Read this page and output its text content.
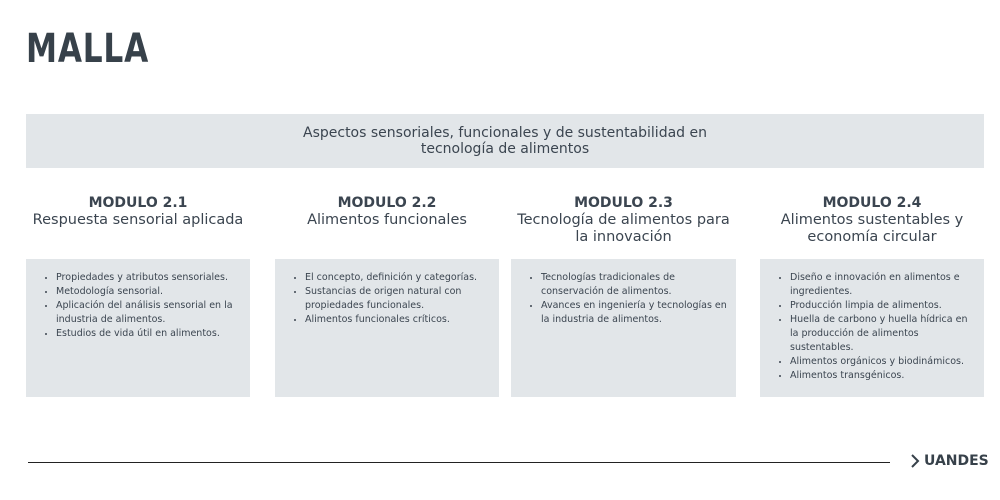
MALLA
Aspectos sensoriales, funcionales y de sustentabilidad en tecnología de alimentos
MODULO 2.1
Respuesta sensorial aplicada
• Propiedades y atributos sensoriales.
• Metodología sensorial.
• Aplicación del análisis sensorial en la industria de alimentos.
• Estudios de vida útil en alimentos.
MODULO 2.2
Alimentos funcionales
• El concepto, definición y categorías.
• Sustancias de origen natural con propiedades funcionales.
• Alimentos funcionales críticos.
MODULO 2.3
Tecnología de alimentos para la innovación
• Tecnologías tradicionales de conservación de alimentos.
• Avances en ingeniería y tecnologías en la industria de alimentos.
MODULO 2.4
Alimentos sustentables y economía circular
• Diseño e innovación en alimentos e ingredientes.
• Producción limpia de alimentos.
• Huella de carbono y huella hídrica en la producción de alimentos sustentables.
• Alimentos orgánicos y biodinámicos.
• Alimentos transgénicos.
UANDES
